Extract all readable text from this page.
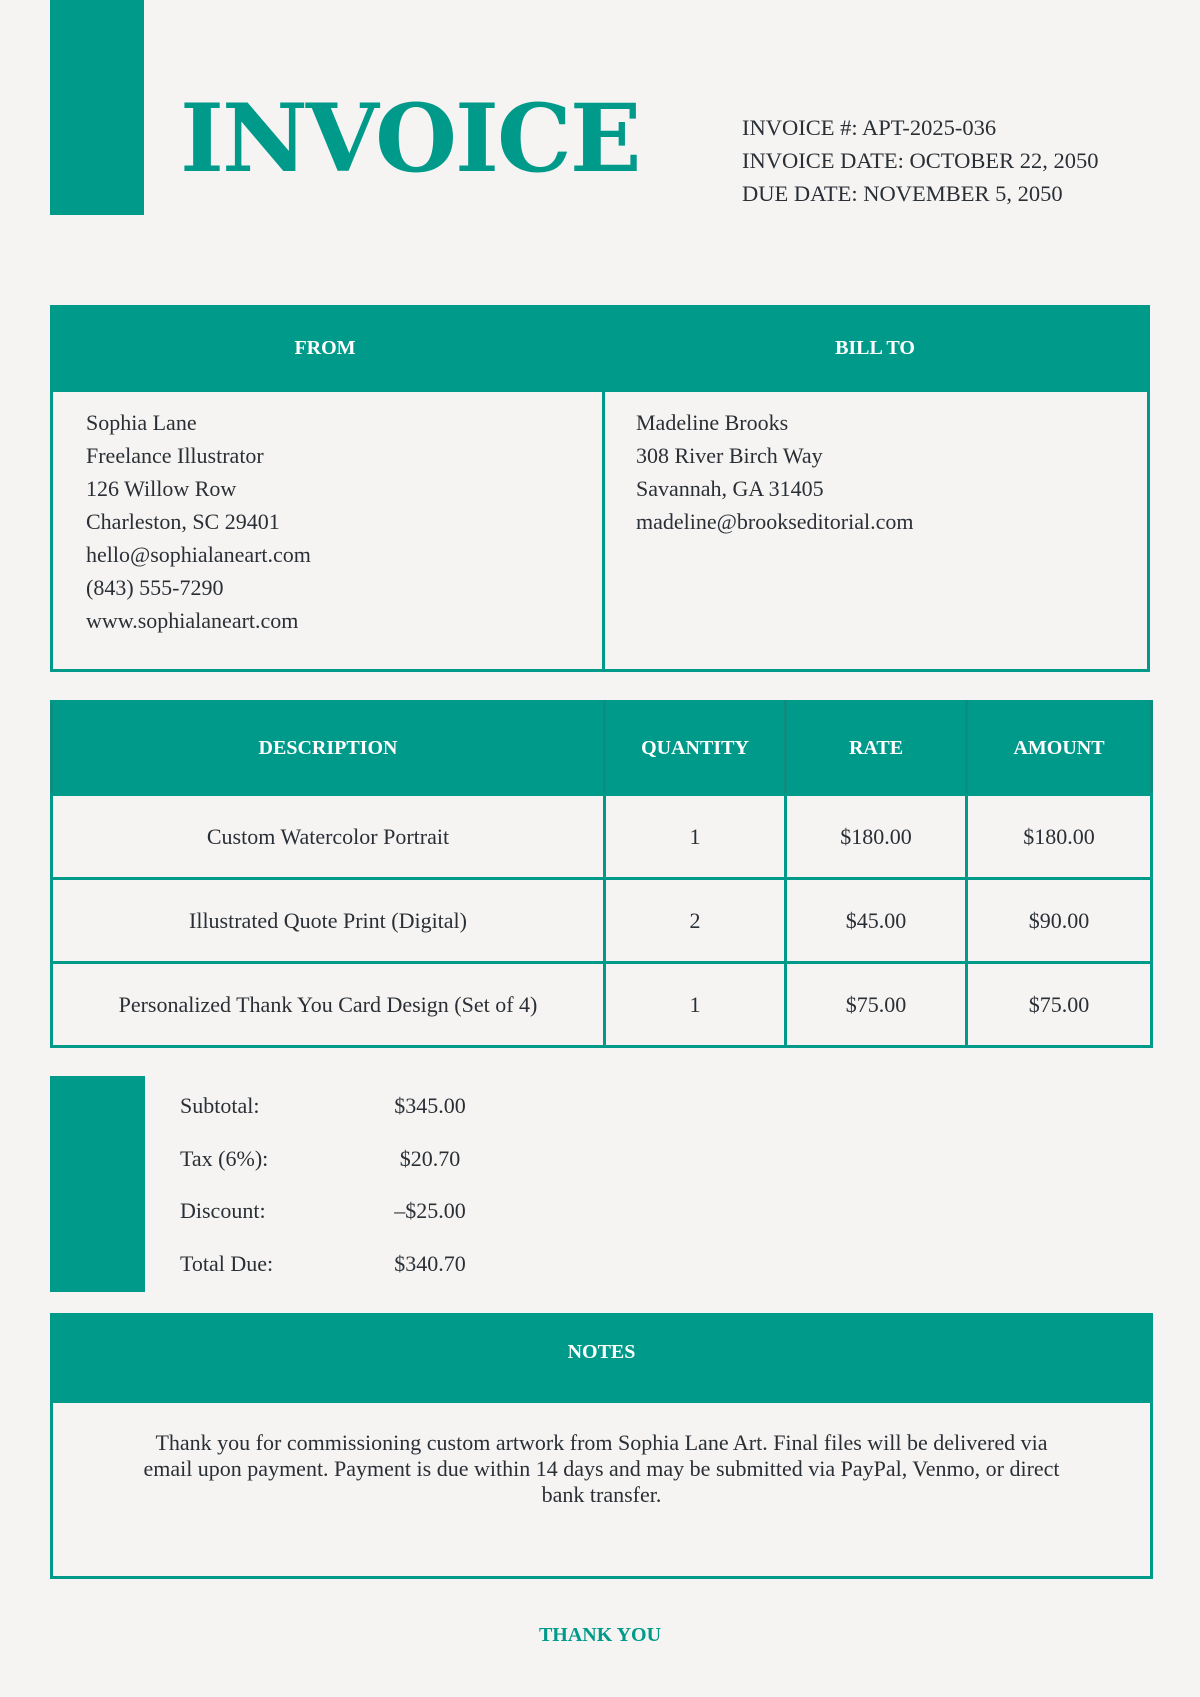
INVOICE	INVOICE #: APT-2025-036
INVOICE DATE: OCTOBER 22, 2050
DUE DATE: NOVEMBER 5, 2050
FROM	BILL TO
Sophia Lane
Freelance Illustrator
126 Willow Row
Charleston, SC 29401
hello@sophialaneart.com
(843) 555-7290
www.sophialaneart.com
Madeline Brooks
308 River Birch Way
Savannah, GA 31405
madeline@brookseditorial.com
DESCRIPTION	QUANTITY	RATE	AMOUNT
Custom Watercolor Portrait	1	$180.00	$180.00
Illustrated Quote Print (Digital)	2	$45.00	$90.00
Personalized Thank You Card Design (Set of 4)	1	$75.00	$75.00
Subtotal:	$345.00
Tax (6%):	$20.70
Discount:	–$25.00
Total Due:	$340.70
NOTES
Thank you for commissioning custom artwork from Sophia Lane Art. Final files will be delivered via email upon payment. Payment is due within 14 days and may be submitted via PayPal, Venmo, or direct bank transfer.
THANK YOU
